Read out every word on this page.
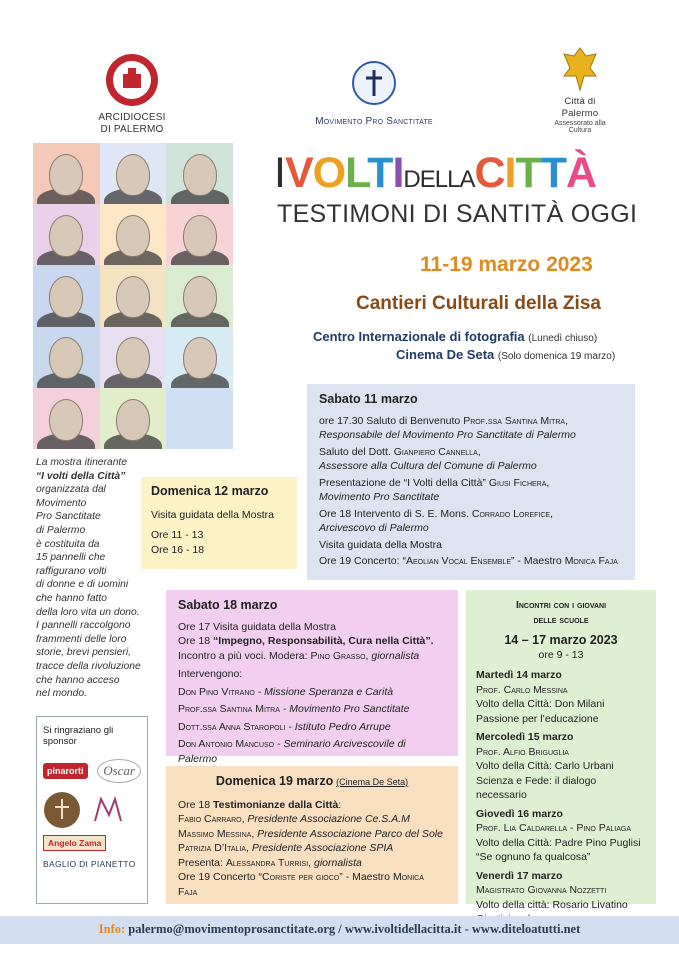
ARCIDIOCESI
DI PALERMO
Movimento Pro Sanctitate
Città di Palermo
Assessorato alla Cultura
IVOLTIDELLACITTÀ
TESTIMONI DI SANTITÀ OGGI
11-19 marzo 2023
Cantieri Culturali della Zisa
Centro Internazionale di fotografia (Lunedì chiuso)
Cinema De Seta (Solo domenica 19 marzo)
Sabato 11 marzo
ore 17.30 Saluto di Benvenuto Prof.ssa Santina Mitra,
Responsabile del Movimento Pro Sanctitate di Palermo
Saluto del Dott. Gianpiero Cannella,
Assessore alla Cultura del Comune di Palermo
Presentazione de “I Volti della Città” Giusi Fichera,
Movimento Pro Sanctitate
Ore 18 Intervento di S. E. Mons. Corrado Lorefice,
Arcivescovo di Palermo
Visita guidata della Mostra
Ore 19 Concerto: “Aeolian Vocal Ensemble” - Maestro Monica Faja
Domenica 12 marzo
Visita guidata della Mostra
Ore 11 - 13
Ore 16 - 18
La mostra itinerante
“I volti della Città”
organizzata dal
Movimento
Pro Sanctitate
di Palermo
è costituita da
15 pannelli che
raffigurano volti
di donne e di uomini
che hanno fatto
della loro vita un dono.
I pannelli raccolgono
frammenti delle loro
storie, brevi pensieri,
tracce della rivoluzione
che hanno acceso
nel mondo.
Sabato 18 marzo
Ore 17 Visita guidata della Mostra
Ore 18 “Impegno, Responsabilità, Cura nella Città”.
Incontro a più voci. Modera: Pino Grasso, giornalista
Intervengono:
Don Pino Vitrano - Missione Speranza e Carità
Prof.ssa Santina Mitra - Movimento Pro Sanctitate
Dott.ssa Anna Staropoli - Istituto Pedro Arrupe
Don Antonio Mancuso - Seminario Arcivescovile di Palermo
Domenica 19 marzo (Cinema De Seta)
Ore 18 Testimonianze dalla Città:
Fabio Carraro, Presidente Associazione Ce.S.A.M
Massimo Messina, Presidente Associazione Parco del Sole
Patrizia D’Italia, Presidente Associazione SPIA
Presenta: Alessandra Turrisi, giornalista
Ore 19 Concerto “Coriste per gioco” - Maestro Monica Faja
Incontri con i giovani
delle scuole
14 – 17 marzo 2023
ore 9 - 13
Martedì 14 marzo
Prof. Carlo Messina
Volto della Città: Don Milani
Passione per l’educazione
Mercoledì 15 marzo
Prof. Alfio Briguglia
Volto della Città: Carlo Urbani
Scienza e Fede: il dialogo necessario
Giovedì 16 marzo
Prof. Lia Caldarella - Pino Paliaga
Volto della Città: Padre Pino Puglisi
“Se ognuno fa qualcosa”
Venerdì 17 marzo
Magistrato Giovanna Nozzetti
Volto della città: Rosario Livatino
Si ringraziano gli sponsor
pinarorti	Oscar
Angelo Zama
BAGLIO DI PIANETTO
Info: palermo@movimentoprosanctitate.org / www.ivoltidellacitta.it - www.diteloatutti.net
